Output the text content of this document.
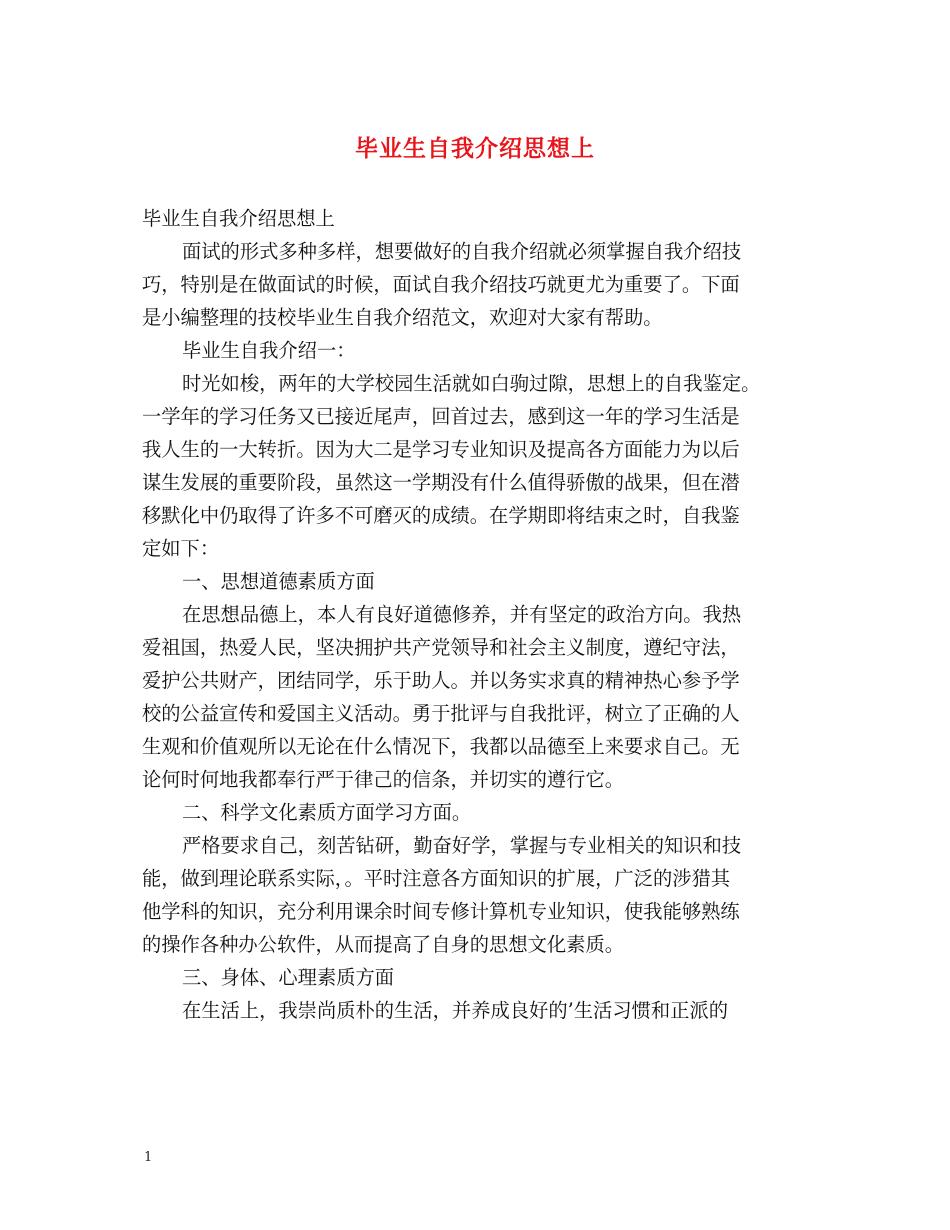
毕业生自我介绍思想上
毕业生自我介绍思想上
面试的形式多种多样，想要做好的自我介绍就必须掌握自我介绍技
巧，特别是在做面试的时候，面试自我介绍技巧就更尤为重要了。下面
是小编整理的技校毕业生自我介绍范文，欢迎对大家有帮助。
毕业生自我介绍一：
时光如梭，两年的大学校园生活就如白驹过隙，思想上的自我鉴定。
一学年的学习任务又已接近尾声，回首过去，感到这一年的学习生活是
我人生的一大转折。因为大二是学习专业知识及提高各方面能力为以后
谋生发展的重要阶段，虽然这一学期没有什么值得骄傲的战果，但在潜
移默化中仍取得了许多不可磨灭的成绩。在学期即将结束之时，自我鉴
定如下：
一、思想道德素质方面
在思想品德上，本人有良好道德修养，并有坚定的政治方向。我热
爱祖国，热爱人民，坚决拥护共产党领导和社会主义制度，遵纪守法，
爱护公共财产，团结同学，乐于助人。并以务实求真的精神热心参予学
校的公益宣传和爱国主义活动。勇于批评与自我批评，树立了正确的人
生观和价值观所以无论在什么情况下，我都以品德至上来要求自己。无
论何时何地我都奉行严于律己的信条，并切实的遵行它。
二、科学文化素质方面学习方面。
严格要求自己，刻苦钻研，勤奋好学，掌握与专业相关的知识和技
能，做到理论联系实际，。平时注意各方面知识的扩展，广泛的涉猎其
他学科的知识，充分利用课余时间专修计算机专业知识，使我能够熟练
的操作各种办公软件，从而提高了自身的思想文化素质。
三、身体、心理素质方面
在生活上，我崇尚质朴的生活，并养成良好的’生活习惯和正派的
1
